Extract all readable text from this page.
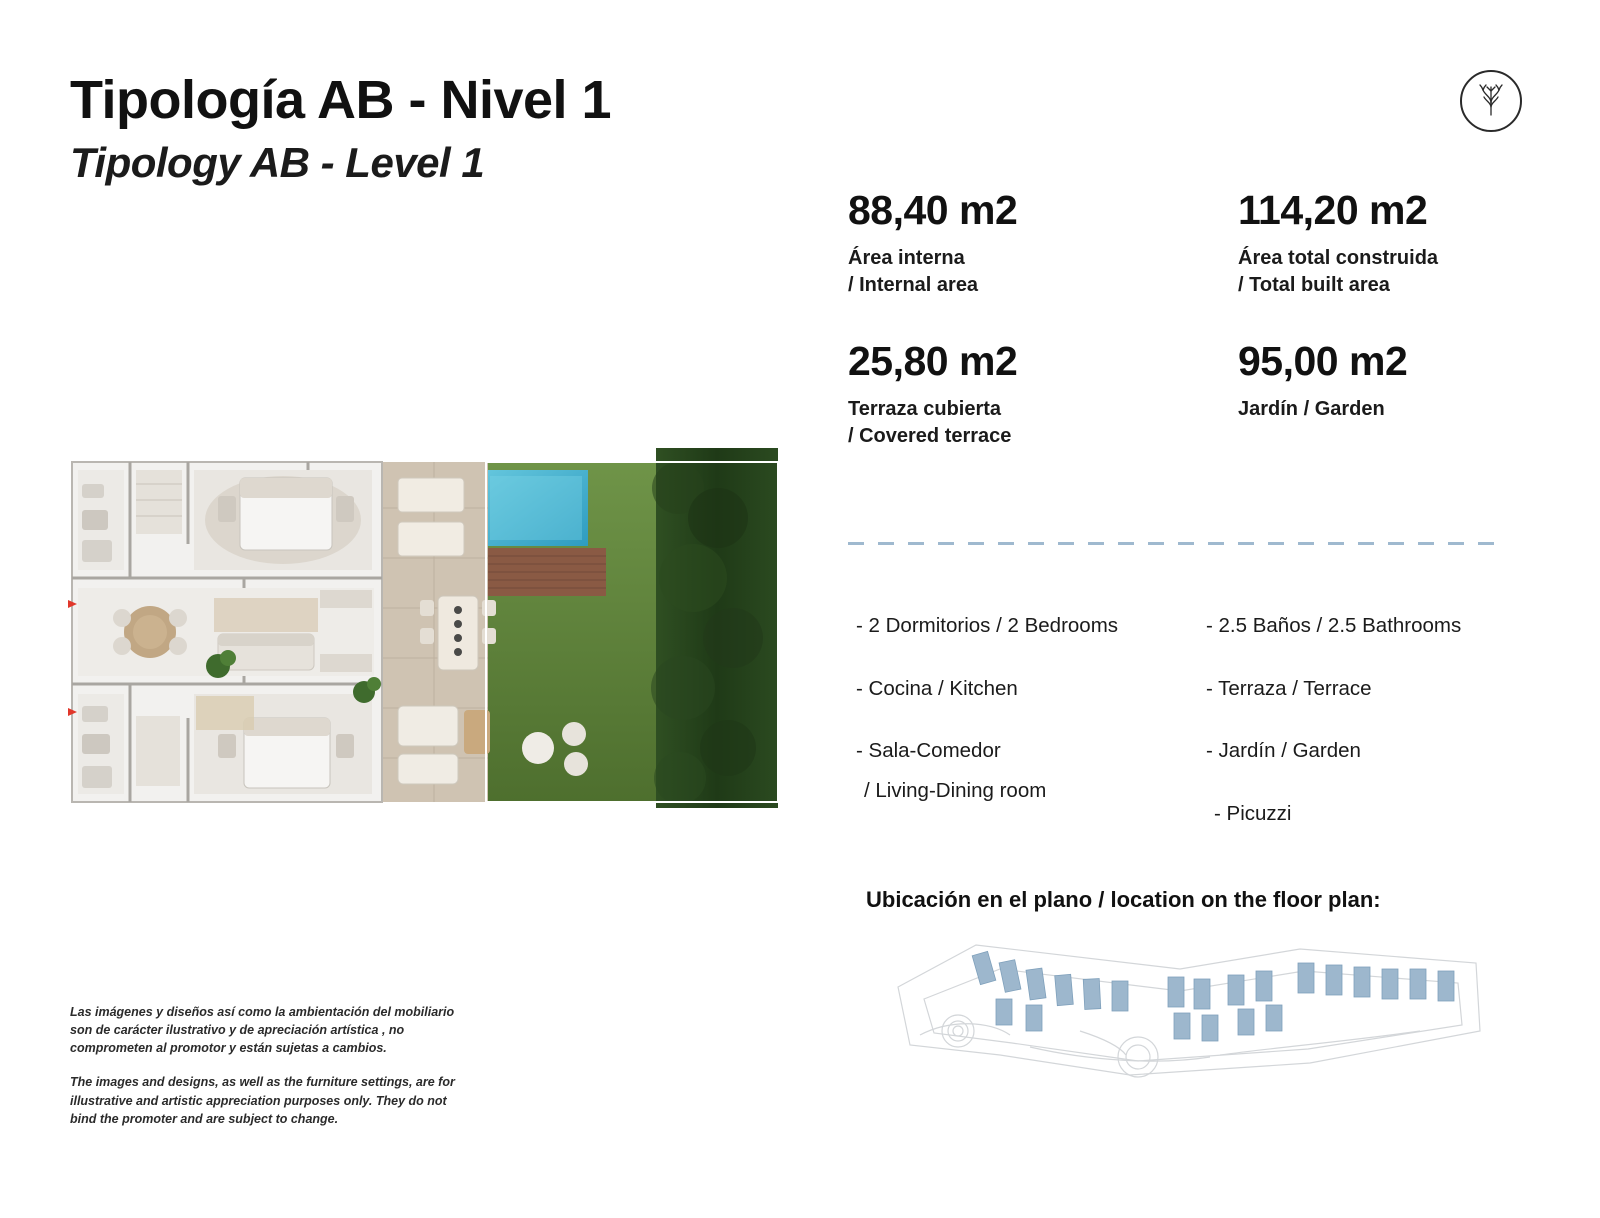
Tipología AB - Nivel 1
Tipology AB - Level 1
88,40 m2
Área interna
/ Internal area
114,20 m2
Área total construida
/ Total built area
25,80 m2
Terraza cubierta
/ Covered terrace
95,00 m2
Jardín / Garden
- 2 Dormitorios / 2 Bedrooms
- Cocina / Kitchen
- Sala-Comedor
/ Living-Dining room
- 2.5 Baños / 2.5 Bathrooms
- Terraza / Terrace
- Jardín / Garden
- Picuzzi
Ubicación en el plano / location on the floor plan:

Las imágenes y diseños así como la ambientación del mobiliario son de carácter ilustrativo y de apreciación artística , no comprometen al promotor y están sujetas a cambios.

The images and designs, as well as the furniture settings, are for illustrative and artistic appreciation purposes only. They do not bind the promoter and are subject to change.
